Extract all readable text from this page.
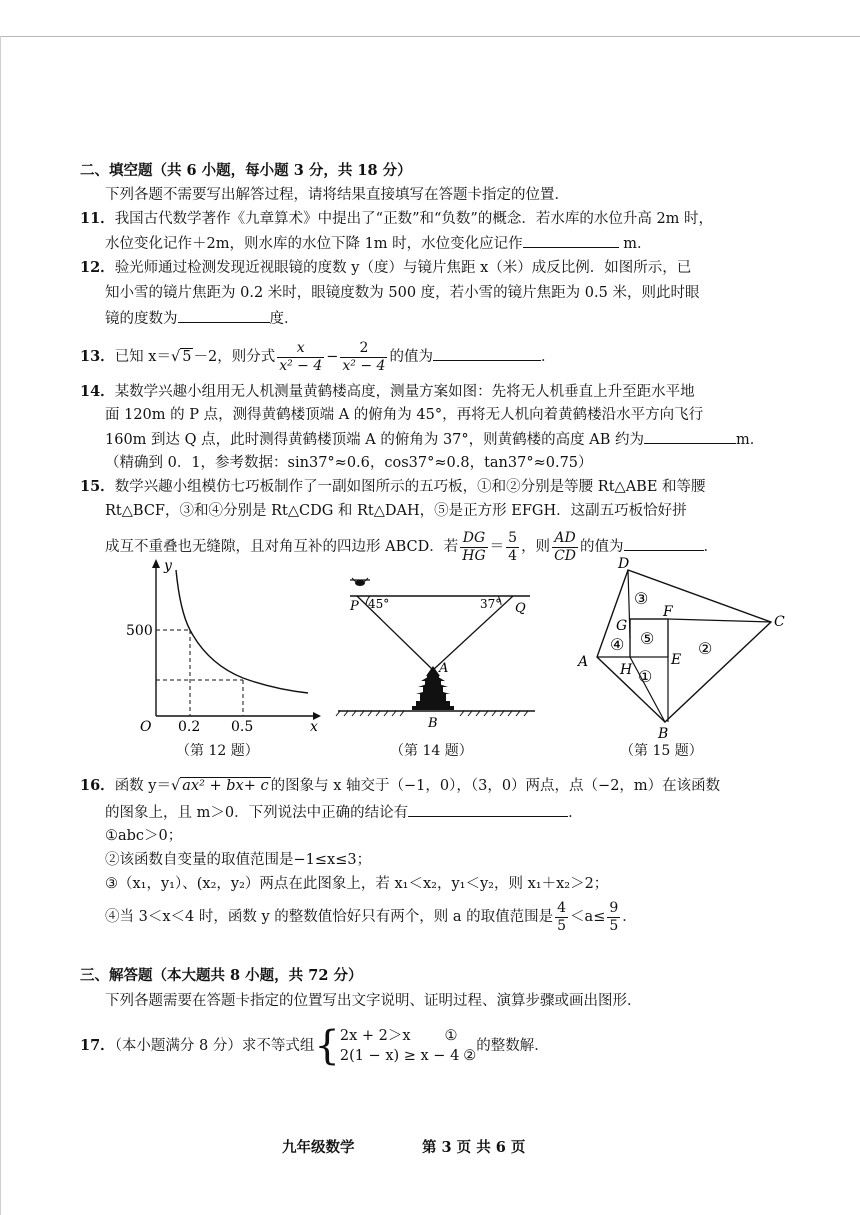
二、填空题（共 6 小题，每小题 3 分，共 18 分）
下列各题不需要写出解答过程，请将结果直接填写在答题卡指定的位置．
11．我国古代数学著作《九章算术》中提出了“正数”和“负数”的概念．若水库的水位升高 2m 时，
水位变化记作＋2m，则水库的水位下降 1m 时，水位变化应记作	m．
12．验光师通过检测发现近视眼镜的度数 y（度）与镜片焦距 x（米）成反比例．如图所示，已
知小雪的镜片焦距为 0.2 米时，眼镜度数为 500 度，若小雪的镜片焦距为 0.5 米，则此时眼
镜的度数为	度．
13．已知 x＝√ 5 －2，则分式 $\frac{x}{\text{x² − 4}} - \frac{2}{\text{x² − 4}}$ 的值为	．
14．某数学兴趣小组用无人机测量黄鹤楼高度，测量方案如图：先将无人机垂直上升至距水平地
面 120m 的 P 点，测得黄鹤楼顶端 A 的俯角为 45°，再将无人机向着黄鹤楼沿水平方向飞行
160m 到达 Q 点，此时测得黄鹤楼顶端 A 的俯角为 37°，则黄鹤楼的高度 AB 约为	m．
（精确到 0．1，参考数据：sin37°≈0.6，cos37°≈0.8，tan37°≈0.75）
15．数学兴趣小组模仿七巧板制作了一副如图所示的五巧板，①和②分别是等腰 Rt△ABE 和等腰
Rt△BCF，③和④分别是 Rt△CDG 和 Rt△DAH，⑤是正方形 EFGH．这副五巧板恰好拼
成互不重叠也无缝隙，且对角互补的四边形 ABCD．若 $\frac{DG}{HG} = \frac{5}{4}$ ，则 $\frac{AD}{CD}$ 的值为	．
y
x
O
500
0.2 0.5
（第 12 题）
P 45°	37° Q
A
B
（第 14 题）
D
C
A
B
F
G
E
H
③
④ ⑤
②
①
（第 15 题）
16．函数 y＝√ ax² + bx+ c 的图象与 x 轴交于（−1，0），（3，0）两点，点（−2，m）在该函数
的图象上，且 m＞0．下列说法中正确的结论有	．
①abc＞0；
②该函数自变量的取值范围是−1≤x≤3；
③（x₁，y₁）、(x₂，y₂）两点在此图象上，若 x₁＜x₂，y₁＜y₂，则 x₁＋x₂＞2；
④当 3＜x＜4 时，函数 y 的整数值恰好只有两个，则 a 的取值范围是 $\frac{4}{5} <a\le \frac{9}{5}$ ．
三、解答题（本大题共 8 小题，共 72 分）
下列各题需要在答题卡指定的位置写出文字说明、证明过程、演算步骤或画出图形．
17．（本小题满分 8 分）求不等式组{ 2x + 2＞x ①
2(1 − x) ≥ x − 4 ②
的整数解．
九年级数学	第 3 页 共 6 页
